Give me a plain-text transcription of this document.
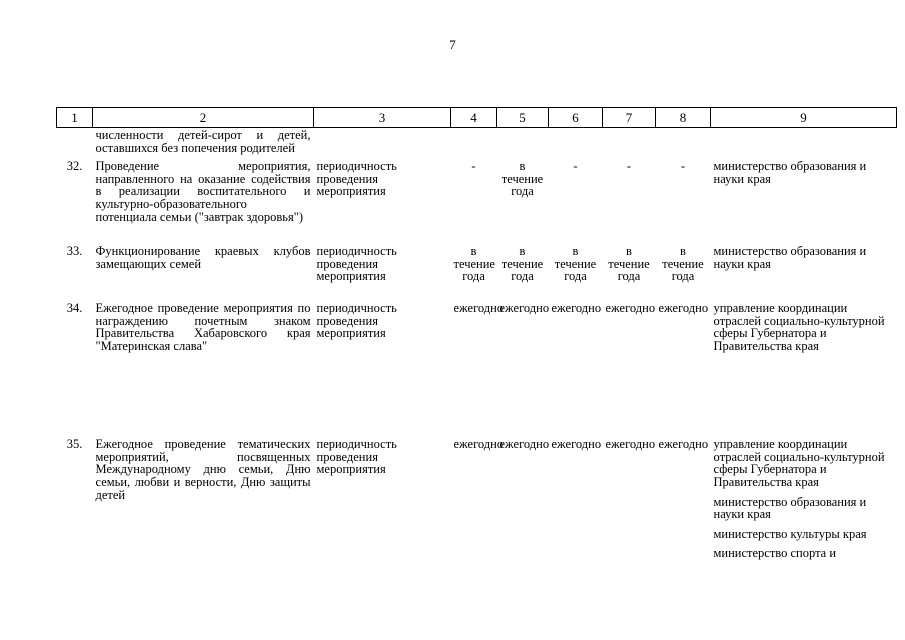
7
1	2	3	4	5	6	7	8	9
	численности детей-сирот и детей, оставшихся без попечения родителей							
32.	Проведение мероприятия, направленного на оказание содействия в реализации воспитательного и культурно-образовательного потенциала семьи ("завтрак здоровья")	периодичность проведения мероприятия	-	в течение года	-	-	-	министерство образования и науки края

33.	Функционирование краевых клубов замещающих семей	периодичность проведения мероприятия	в течение года	в течение года	в течение года	в течение года	в течение года	министерство образования и науки края

34.	Ежегодное проведение мероприятия по награждению почетным знаком Правительства Хабаровского края "Материнская слава"	периодичность проведения мероприятия	ежегодно	ежегодно	ежегодно	ежегодно	ежегодно	управление координации отраслей социально-культурной сферы Губернатора и Правительства края

35.	Ежегодное проведение тематических мероприятий, посвященных Международному дню семьи, Дню семьи, любви и верности, Дню защиты детей	периодичность проведения мероприятия	ежегодно	ежегодно	ежегодно	ежегодно	ежегодно	управление координации отраслей социально-культурной сферы Губернатора и Правительства края
министерство образования и науки края
министерство культуры края
министерство спорта и
